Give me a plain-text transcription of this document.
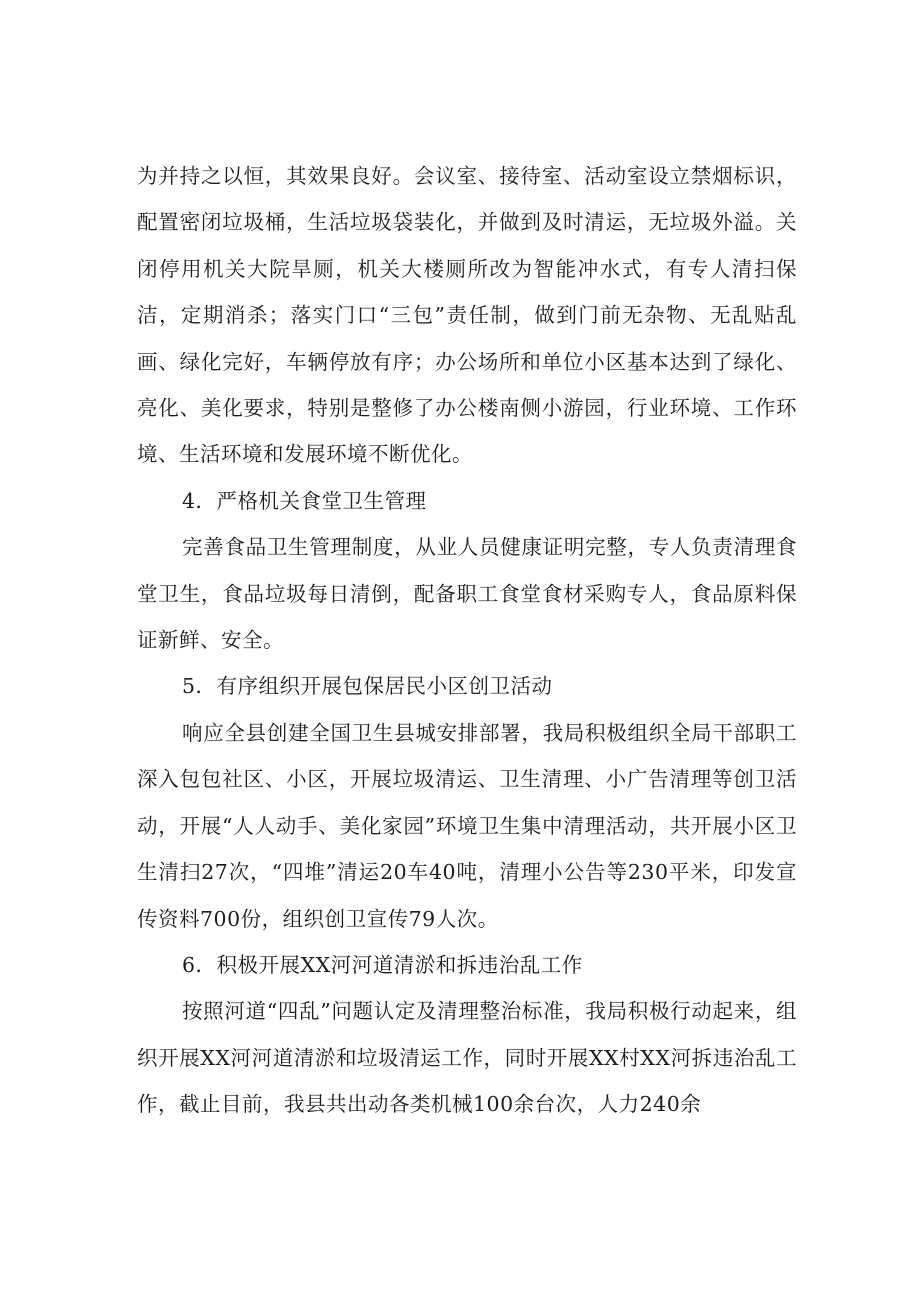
为并持之以恒，其效果良好。会议室、接待室、活动室设立禁烟标识，配置密闭垃圾桶，生活垃圾袋装化，并做到及时清运，无垃圾外溢。关闭停用机关大院旱厕，机关大楼厕所改为智能冲水式，有专人清扫保洁，定期消杀；落实门口“三包”责任制，做到门前无杂物、无乱贴乱画、绿化完好，车辆停放有序；办公场所和单位小区基本达到了绿化、亮化、美化要求，特别是整修了办公楼南侧小游园，行业环境、工作环境、生活环境和发展环境不断优化。

4．严格机关食堂卫生管理

完善食品卫生管理制度，从业人员健康证明完整，专人负责清理食堂卫生，食品垃圾每日清倒，配备职工食堂食材采购专人，食品原料保证新鲜、安全。

5．有序组织开展包保居民小区创卫活动

响应全县创建全国卫生县城安排部署，我局积极组织全局干部职工深入包包社区、小区，开展垃圾清运、卫生清理、小广告清理等创卫活动，开展“人人动手、美化家园”环境卫生集中清理活动，共开展小区卫生清扫27次，“四堆”清运20车40吨，清理小公告等230平米，印发宣传资料700份，组织创卫宣传79人次。

6．积极开展XX河河道清淤和拆违治乱工作

按照河道“四乱”问题认定及清理整治标准，我局积极行动起来，组织开展XX河河道清淤和垃圾清运工作，同时开展XX村XX河拆违治乱工作，截止目前，我县共出动各类机械100余台次，人力240余
